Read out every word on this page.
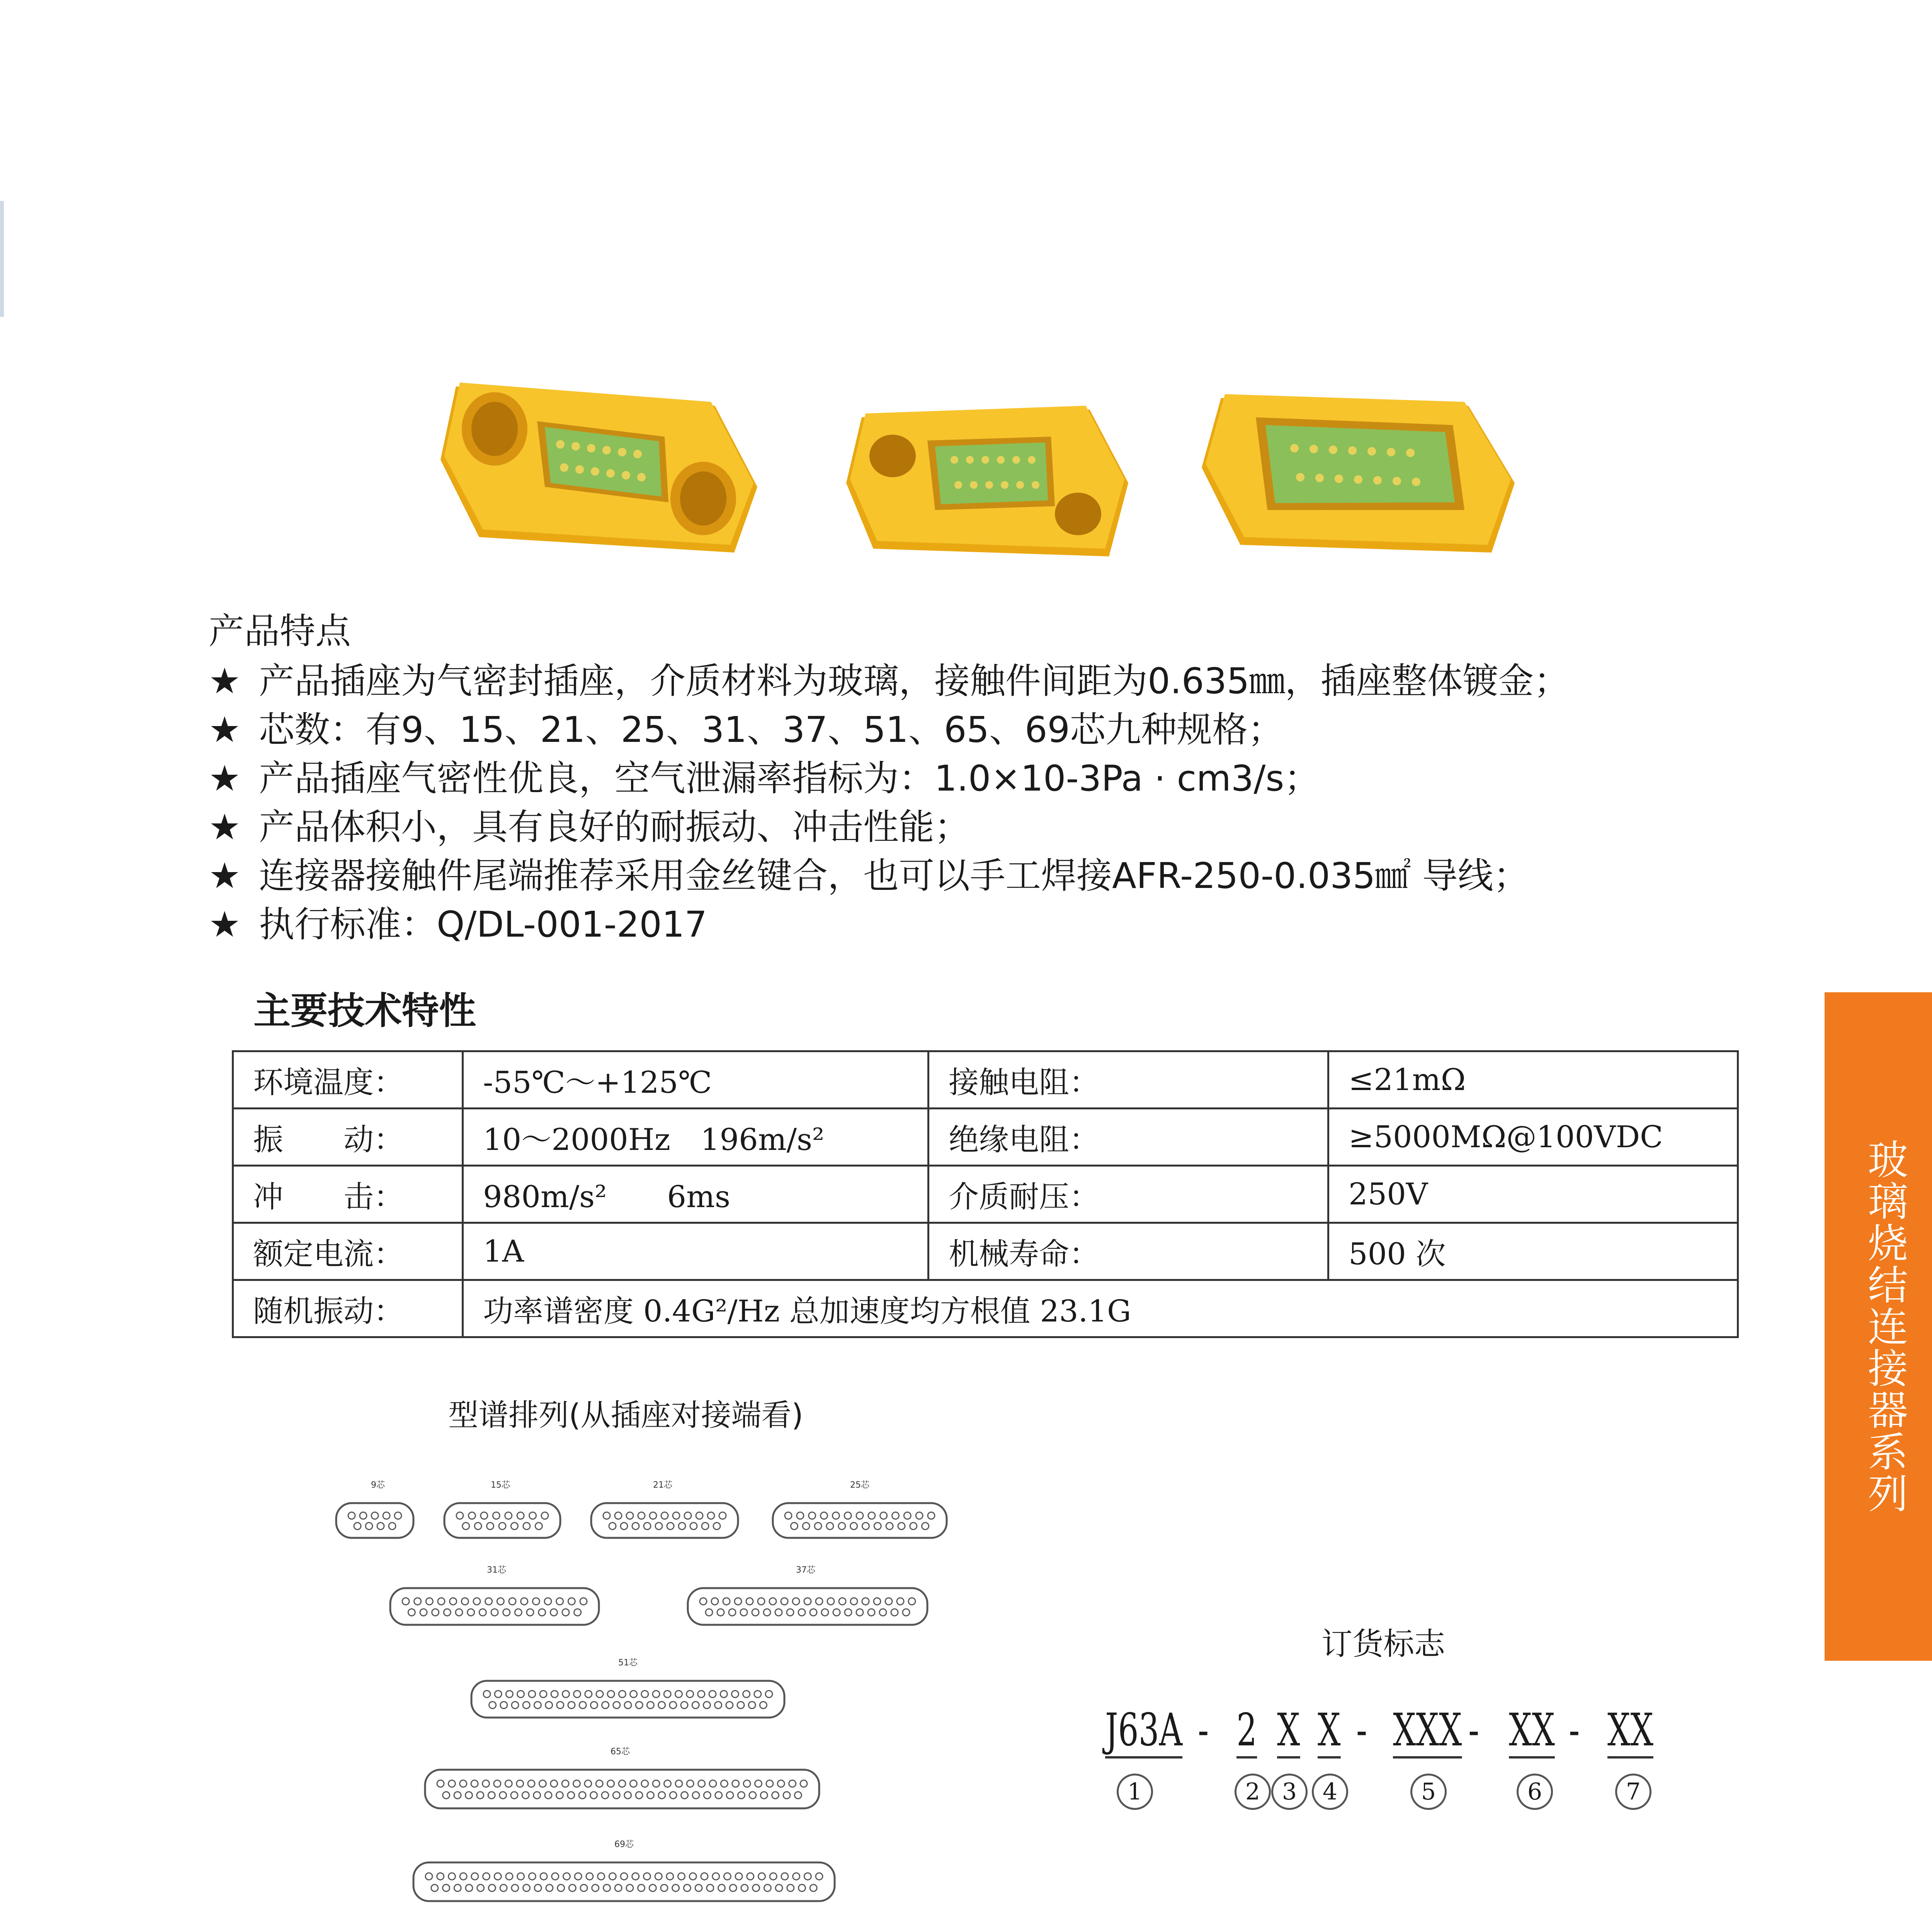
产品特点
★ 产品插座为气密封插座，介质材料为玻璃，接触件间距为0.635㎜，插座整体镀金；
★ 芯数：有9、15、21、25、31、37、51、65、69芯九种规格；
★ 产品插座气密性优良，空气泄漏率指标为：1.0×10-3Pa · cm3/s；
★ 产品体积小，具有良好的耐振动、冲击性能；
★ 连接器接触件尾端推荐采用金丝键合，也可以手工焊接AFR-250-0.035㎟ 导线；
★ 执行标准：Q/DL-001-2017
主要技术特性
环境温度：	-55℃～+125℃	接触电阻：	≤21mΩ
振　　动：	10～2000Hz　196m/s²	绝缘电阻：	≥5000MΩ@100VDC
冲　　击：	980m/s²　　6ms	介质耐压：	250V
额定电流：	1A	机械寿命：	500 次
随机振动：	功率谱密度 0.4G²/Hz 总加速度均方根值 23.1G		
型谱排列(从插座对接端看)
9芯	15芯	21芯	25芯
31芯	37芯
51芯
65芯
69芯
订货标志
J63A - 2 X X - XXX - XX - XX
1	2 3	4	5	6	7
玻璃烧结连接器系列
